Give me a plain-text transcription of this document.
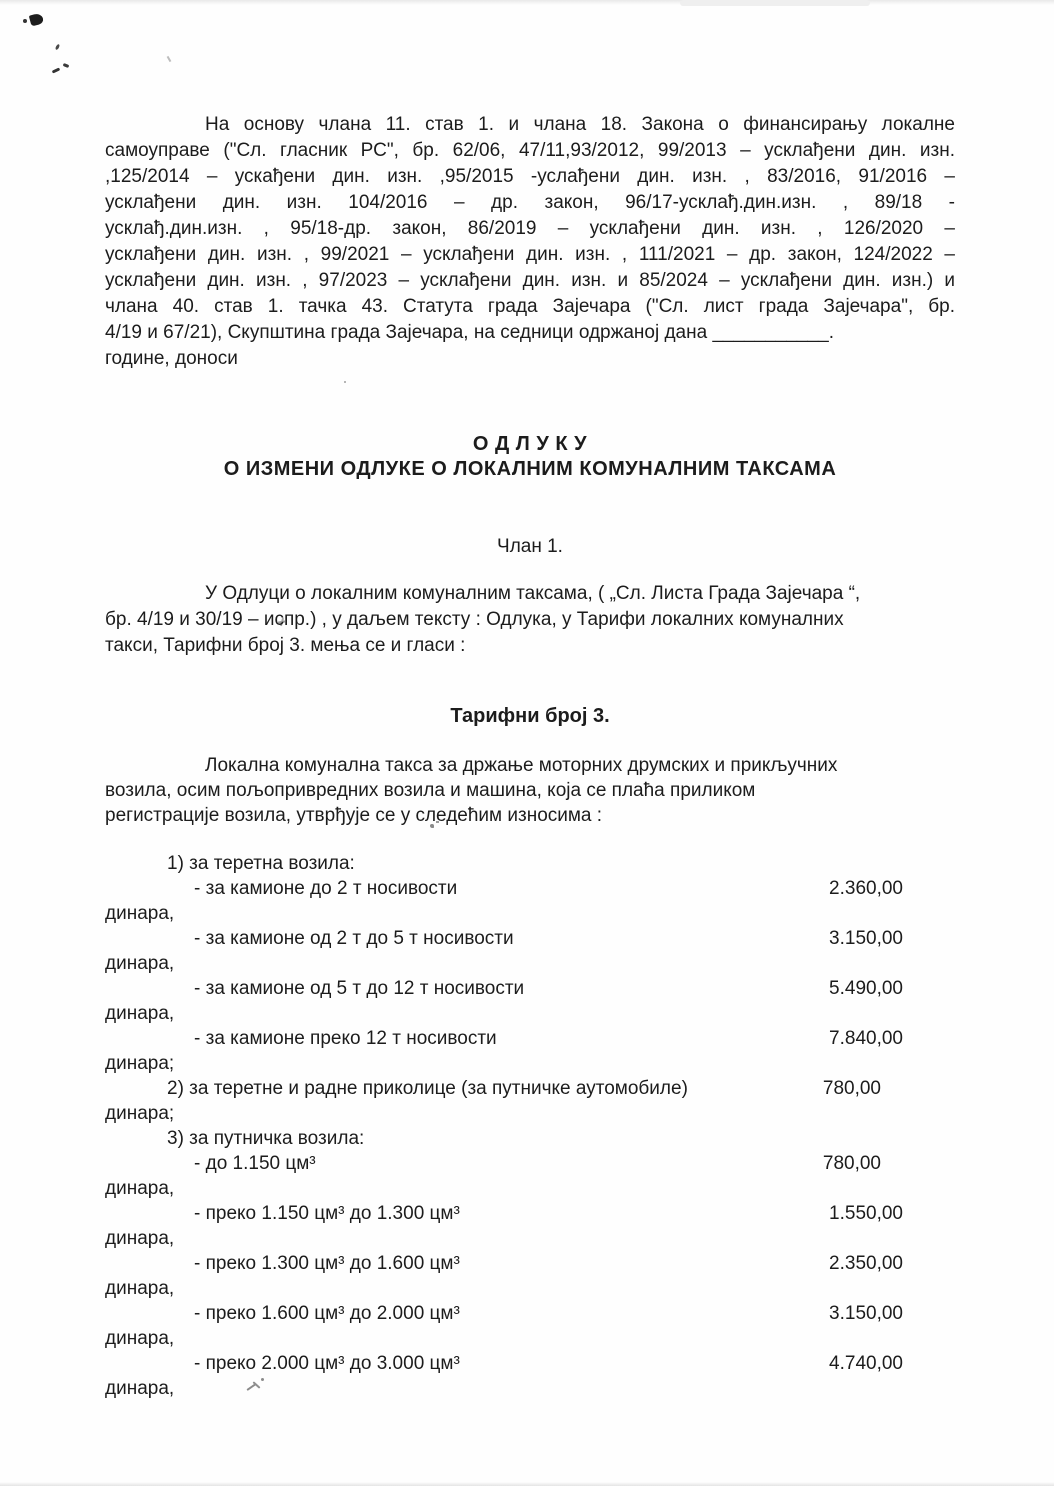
На основу члана 11. став 1. и члана 18. Закона о финансирању локалне
самоуправе ("Сл. гласник РС", бр. 62/06, 47/11,93/2012, 99/2013 – усклађени дин. изн.
,125/2014 – ускађени дин. изн. ,95/2015 -услађени дин. изн. , 83/2016, 91/2016 –
усклађени дин. изн. 104/2016 – др. закон, 96/17-усклађ.дин.изн. , 89/18 -
усклађ.дин.изн. , 95/18-др. закон, 86/2019 – усклађени дин. изн. , 126/2020 –
усклађени дин. изн. , 99/2021 – усклађени дин. изн. , 111/2021 – др. закон, 124/2022 –
усклађени дин. изн. , 97/2023 – усклађени дин. изн. и 85/2024 – усклађени дин. изн.) и
члана 40. став 1. тачка 43. Статута града Зајечара ("Сл. лист града Зајечара", бр.
4/19 и 67/21), Скупштина града Зајечара, на седници одржаној дана ___________.
године, доноси
О Д Л У К У
О ИЗМЕНИ ОДЛУКЕ О ЛОКАЛНИМ КОМУНАЛНИМ ТАКСАМА
Члан 1.
У Одлуци о локалним комуналним таксама, ( „Сл. Листа Града Зајечара “,
бр. 4/19 и 30/19 – испр.) , у даљем тексту : Одлука, у Тарифи локалних комуналних
такси, Тарифни број 3. мења се и гласи :
Тарифни број 3.
Локална комунална такса за држање моторних друмских и прикључних
возила, осим пољопривредних возила и машина, која се плаћа приликом
регистрације возила, утврђује се у следећим износима :
1) за теретна возила:
- за камионе до 2 т носивости	2.360,00
динара,
- за камионе од 2 т до 5 т носивости	3.150,00
динара,
- за камионе од 5 т до 12 т носивости	5.490,00
динара,
- за камионе преко 12 т носивости	7.840,00
динара;
2) за теретне и радне приколице (за путничке аутомобиле)	780,00
динара;
3) за путничка возила:
- до 1.150 цм³	780,00
динара,
- преко 1.150 цм³ до 1.300 цм³	1.550,00
динара,
- преко 1.300 цм³ до 1.600 цм³	2.350,00
динара,
- преко 1.600 цм³ до 2.000 цм³	3.150,00
динара,
- преко 2.000 цм³ до 3.000 цм³	4.740,00
динара,
